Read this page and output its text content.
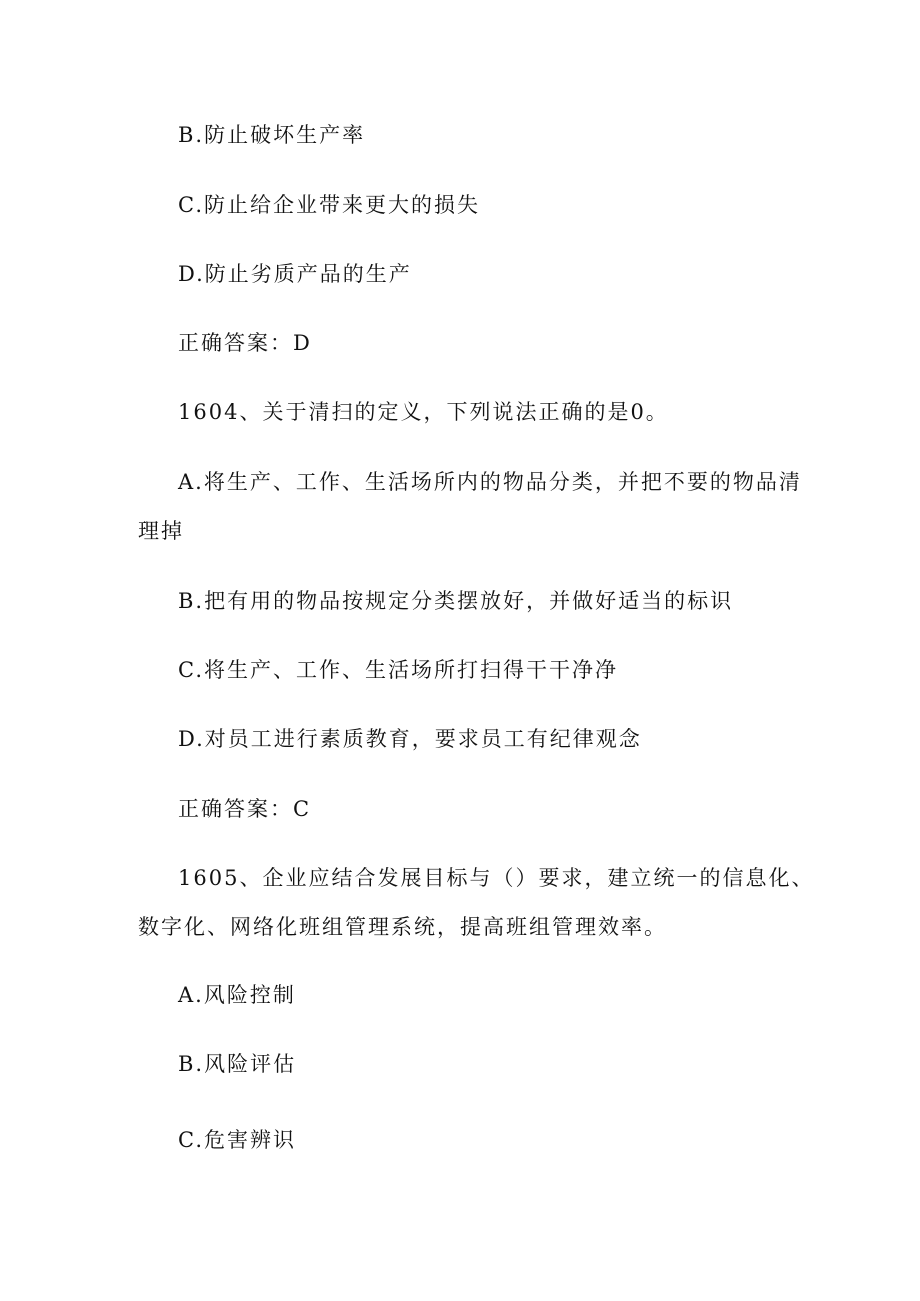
B.防止破坏生产率
C.防止给企业带来更大的损失
D.防止劣质产品的生产
正确答案：D
1604、关于清扫的定义，下列说法正确的是0。
A.将生产、工作、生活场所内的物品分类，并把不要的物品清
理掉
B.把有用的物品按规定分类摆放好，并做好适当的标识
C.将生产、工作、生活场所打扫得干干净净
D.对员工进行素质教育，要求员工有纪律观念
正确答案：C
1605、企业应结合发展目标与（）要求，建立统一的信息化、
数字化、网络化班组管理系统，提高班组管理效率。
A.风险控制
B.风险评估
C.危害辨识
